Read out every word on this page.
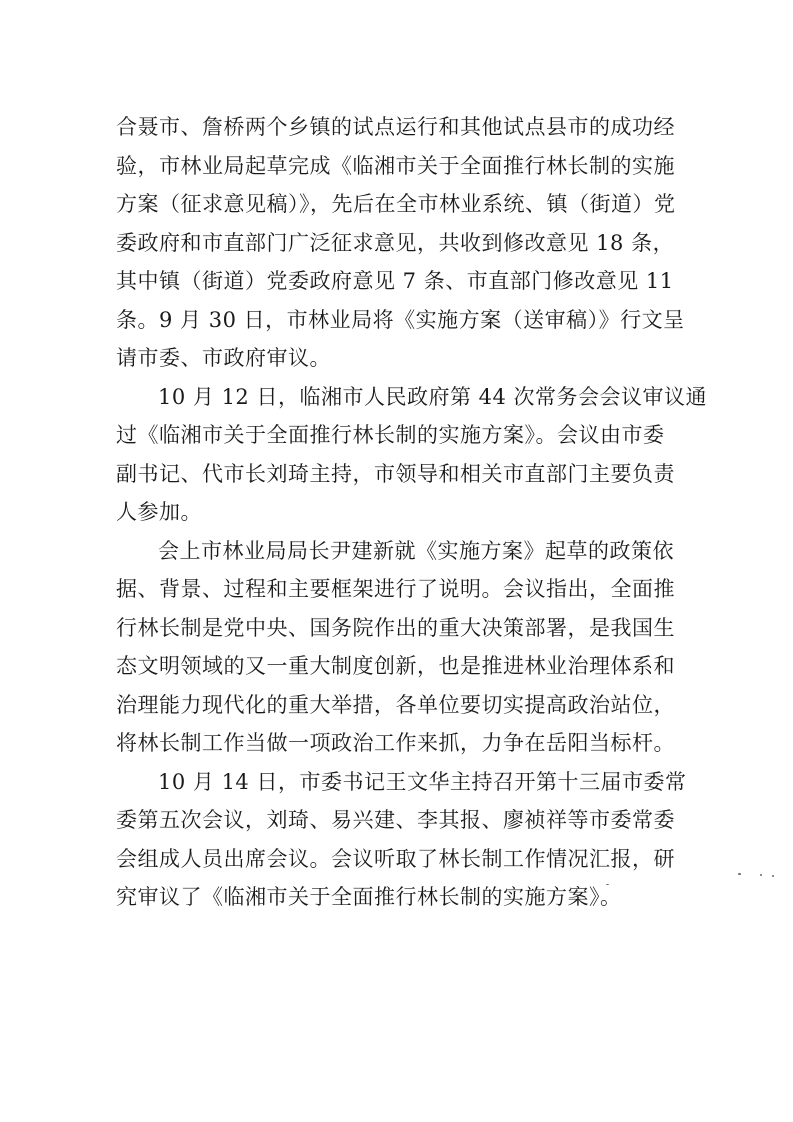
合聂市、詹桥两个乡镇的试点运行和其他试点县市的成功经
验，市林业局起草完成《临湘市关于全面推行林长制的实施
方案（征求意见稿）》，先后在全市林业系统、镇（街道）党
委政府和市直部门广泛征求意见，共收到修改意见 18 条，
其中镇（街道）党委政府意见 7 条、市直部门修改意见 11
条。9 月 30 日，市林业局将《实施方案（送审稿）》行文呈
请市委、市政府审议。

10 月 12 日，临湘市人民政府第 44 次常务会会议审议通
过《临湘市关于全面推行林长制的实施方案》。会议由市委
副书记、代市长刘琦主持，市领导和相关市直部门主要负责
人参加。

会上市林业局局长尹建新就《实施方案》起草的政策依
据、背景、过程和主要框架进行了说明。会议指出，全面推
行林长制是党中央、国务院作出的重大决策部署，是我国生
态文明领域的又一重大制度创新，也是推进林业治理体系和
治理能力现代化的重大举措，各单位要切实提高政治站位，
将林长制工作当做一项政治工作来抓，力争在岳阳当标杆。

10 月 14 日，市委书记王文华主持召开第十三届市委常
委第五次会议，刘琦、易兴建、李其报、廖祯祥等市委常委
会组成人员出席会议。会议听取了林长制工作情况汇报，研
究审议了《临湘市关于全面推行林长制的实施方案》。
